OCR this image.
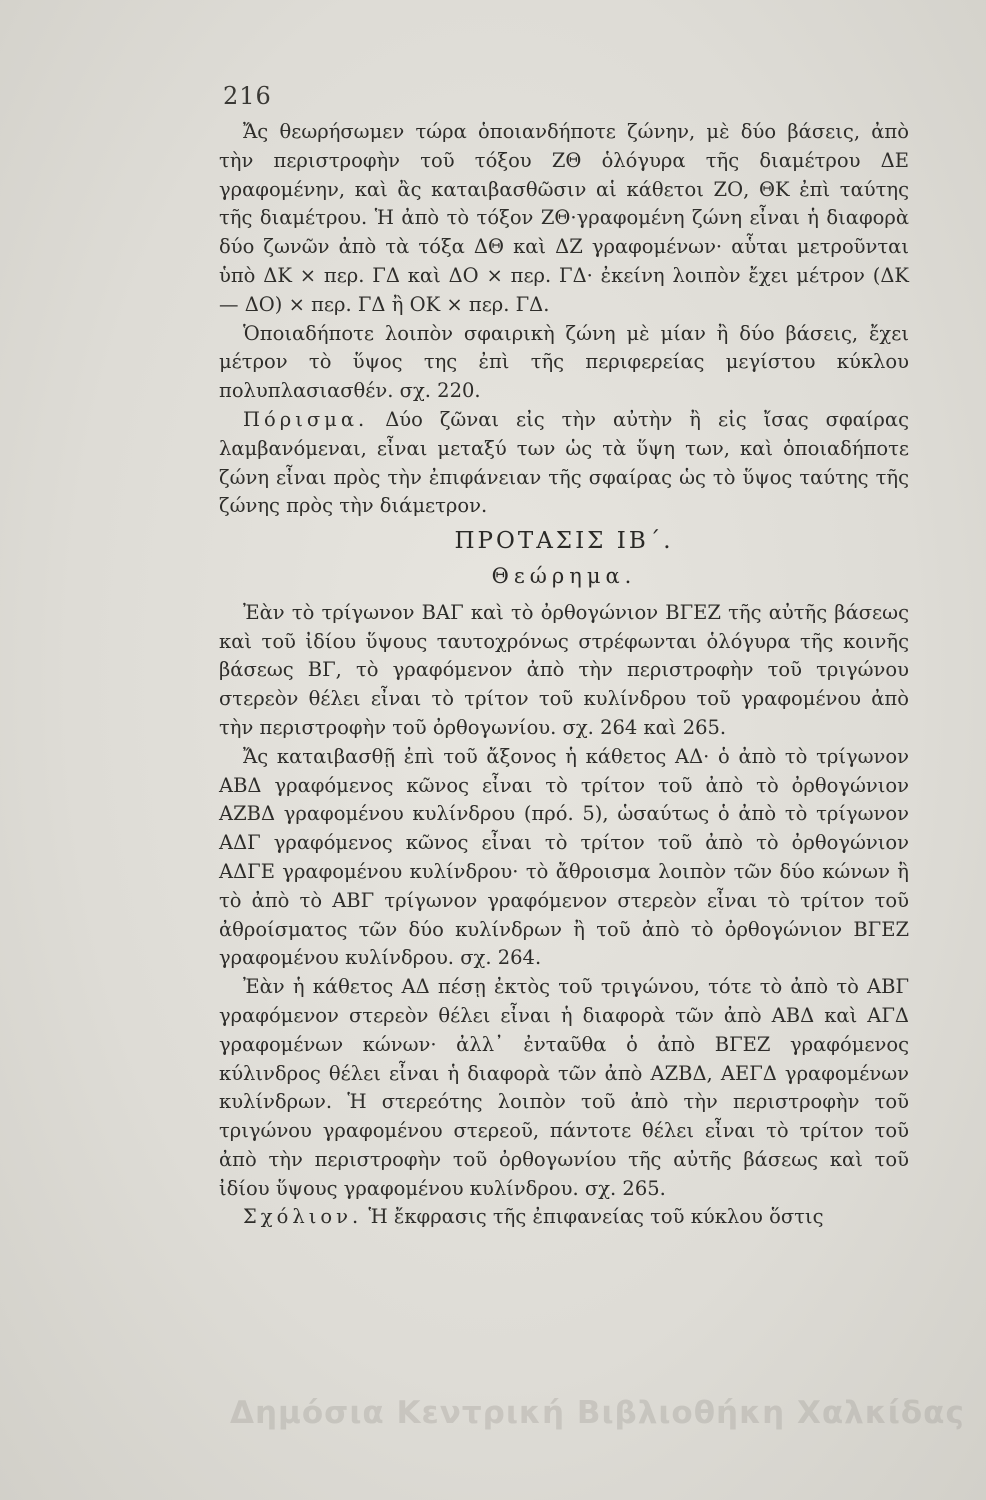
216

Ἄς θεωρήσωμεν τώρα ὁποιανδήποτε ζώνην, μὲ δύο βάσεις, ἀπὸ τὴν περιστροφὴν τοῦ τόξου ΖΘ ὁλόγυρα τῆς διαμέτρου ΔΕ γραφομένην, καὶ ἂς καταιβασθῶσιν αἱ κάθετοι ΖΟ, ΘΚ ἐπὶ ταύτης τῆς διαμέτρου. Ἡ ἀπὸ τὸ τόξον ΖΘ·γραφομένη ζώνη εἶναι ἡ διαφορὰ δύο ζωνῶν ἀπὸ τὰ τόξα ΔΘ καὶ ΔΖ γραφομένων· αὗται μετροῦνται ὑπὸ ΔΚ ⨯ περ. ΓΔ καὶ ΔΟ ⨯ περ. ΓΔ· ἐκείνη λοιπὸν ἔχει μέτρον (ΔΚ — ΔΟ) ⨯ περ. ΓΔ ἢ ΟΚ ⨯ περ. ΓΔ.

Ὁποιαδήποτε λοιπὸν σφαιρικὴ ζώνη μὲ μίαν ἢ δύο βάσεις, ἔχει μέτρον τὸ ὕψος της ἐπὶ τῆς περιφερείας μεγίστου κύκλου πολυπλασιασθέν. σχ. 220.

Πόρισμα. Δύο ζῶναι εἰς τὴν αὐτὴν ἢ εἰς ἴσας σφαίρας λαμβανόμεναι, εἶναι μεταξύ των ὡς τὰ ὕψη των, καὶ ὁποιαδήποτε ζώνη εἶναι πρὸς τὴν ἐπιφάνειαν τῆς σφαίρας ὡς τὸ ὕψος ταύτης τῆς ζώνης πρὸς τὴν διάμετρον.

ΠΡΟΤΑΣΙΣ ΙΒ΄.
Θεώρημα.

Ἐὰν τὸ τρίγωνον ΒΑΓ καὶ τὸ ὀρθογώνιον ΒΓΕΖ τῆς αὐτῆς βάσεως καὶ τοῦ ἰδίου ὕψους ταυτοχρόνως στρέφωνται ὁλόγυρα τῆς κοινῆς βάσεως ΒΓ, τὸ γραφόμενον ἀπὸ τὴν περιστροφὴν τοῦ τριγώνου στερεὸν θέλει εἶναι τὸ τρίτον τοῦ κυλίνδρου τοῦ γραφομένου ἀπὸ τὴν περιστροφὴν τοῦ ὀρθογωνίου. σχ. 264 καὶ 265.

Ἄς καταιβασθῇ ἐπὶ τοῦ ἄξονος ἡ κάθετος ΑΔ· ὁ ἀπὸ τὸ τρίγωνον ΑΒΔ γραφόμενος κῶνος εἶναι τὸ τρίτον τοῦ ἀπὸ τὸ ὀρθογώνιον ΑΖΒΔ γραφομένου κυλίνδρου (πρό. 5), ὡσαύτως ὁ ἀπὸ τὸ τρίγωνον ΑΔΓ γραφόμενος κῶνος εἶναι τὸ τρίτον τοῦ ἀπὸ τὸ ὀρθογώνιον ΑΔΓΕ γραφομένου κυλίνδρου· τὸ ἄθροισμα λοιπὸν τῶν δύο κώνων ἢ τὸ ἀπὸ τὸ ΑΒΓ τρίγωνον γραφόμενον στερεὸν εἶναι τὸ τρίτον τοῦ ἀθροίσματος τῶν δύο κυλίνδρων ἢ τοῦ ἀπὸ τὸ ὀρθογώνιον ΒΓΕΖ γραφομένου κυλίνδρου. σχ. 264.

Ἐὰν ἡ κάθετος ΑΔ πέσῃ ἐκτὸς τοῦ τριγώνου, τότε τὸ ἀπὸ τὸ ΑΒΓ γραφόμενον στερεὸν θέλει εἶναι ἡ διαφορὰ τῶν ἀπὸ ΑΒΔ καὶ ΑΓΔ γραφομένων κώνων· ἀλλ᾿ ἐνταῦθα ὁ ἀπὸ ΒΓΕΖ γραφόμενος κύλινδρος θέλει εἶναι ἡ διαφορὰ τῶν ἀπὸ ΑΖΒΔ, ΑΕΓΔ γραφομένων κυλίνδρων. Ἡ στερεότης λοιπὸν τοῦ ἀπὸ τὴν περιστροφὴν τοῦ τριγώνου γραφομένου στερεοῦ, πάντοτε θέλει εἶναι τὸ τρίτον τοῦ ἀπὸ τὴν περιστροφὴν τοῦ ὀρθογωνίου τῆς αὐτῆς βάσεως καὶ τοῦ ἰδίου ὕψους γραφομένου κυλίνδρου. σχ. 265.

Σχόλιον. Ἡ ἔκφρασις τῆς ἐπιφανείας τοῦ κύκλου ὅστις

Δημόσια Κεντρική Βιβλιοθήκη Χαλκίδας
